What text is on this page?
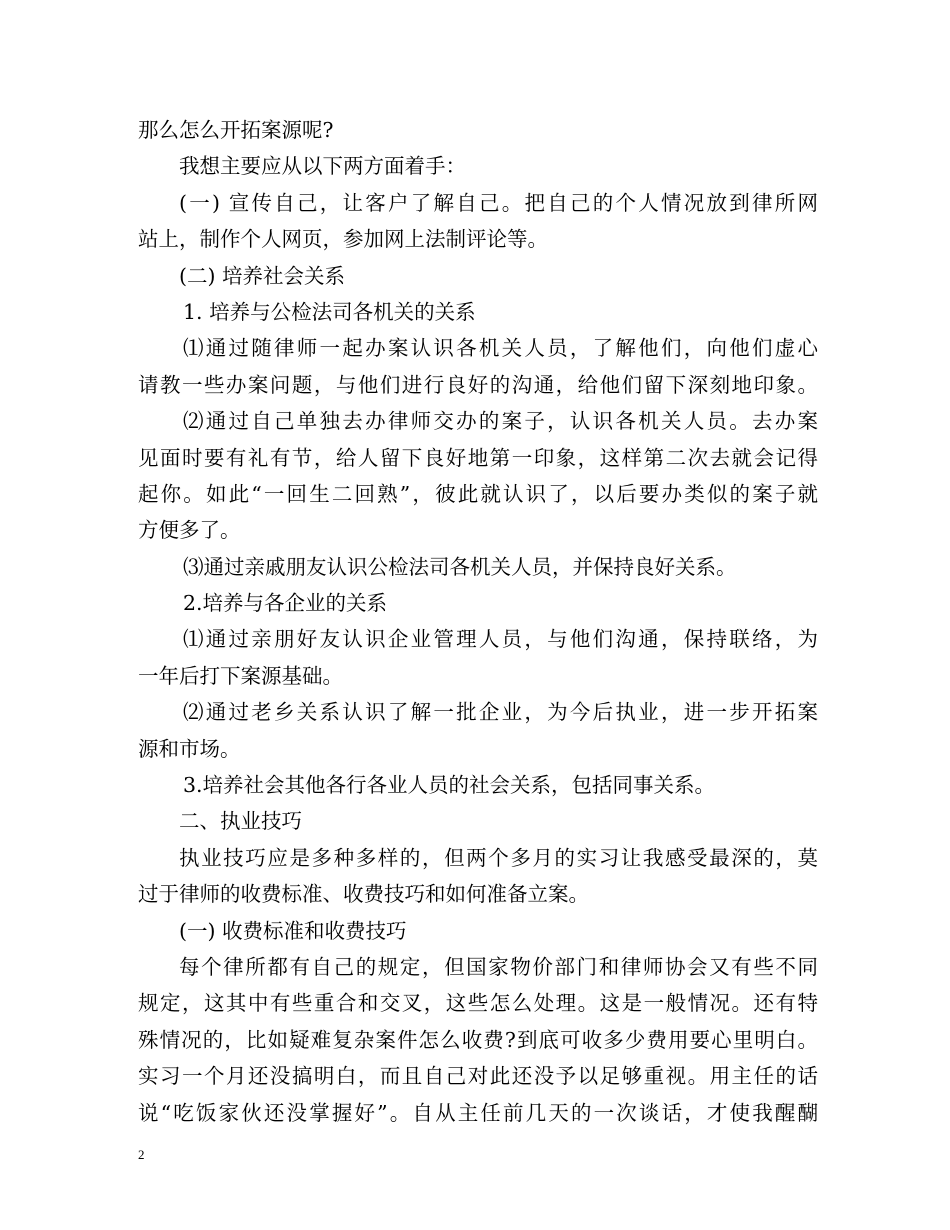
那么怎么开拓案源呢?
我想主要应从以下两方面着手：
(一) 宣传自己，让客户了解自己。把自己的个人情况放到律所网
站上，制作个人网页，参加网上法制评论等。
(二) 培养社会关系
1. 培养与公检法司各机关的关系
⑴通过随律师一起办案认识各机关人员，了解他们，向他们虚心
请教一些办案问题，与他们进行良好的沟通，给他们留下深刻地印象。
⑵通过自己单独去办律师交办的案子，认识各机关人员。去办案
见面时要有礼有节，给人留下良好地第一印象，这样第二次去就会记得
起你。如此“一回生二回熟”，彼此就认识了，以后要办类似的案子就
方便多了。
⑶通过亲戚朋友认识公检法司各机关人员，并保持良好关系。
2.培养与各企业的关系
⑴通过亲朋好友认识企业管理人员，与他们沟通，保持联络，为
一年后打下案源基础。
⑵通过老乡关系认识了解一批企业，为今后执业，进一步开拓案
源和市场。
3.培养社会其他各行各业人员的社会关系，包括同事关系。
二、执业技巧
执业技巧应是多种多样的，但两个多月的实习让我感受最深的，莫
过于律师的收费标准、收费技巧和如何准备立案。
(一) 收费标准和收费技巧
每个律所都有自己的规定，但国家物价部门和律师协会又有些不同
规定，这其中有些重合和交叉，这些怎么处理。这是一般情况。还有特
殊情况的，比如疑难复杂案件怎么收费?到底可收多少费用要心里明白。
实习一个月还没搞明白，而且自己对此还没予以足够重视。用主任的话
说“吃饭家伙还没掌握好”。自从主任前几天的一次谈话，才使我醒醐
2
